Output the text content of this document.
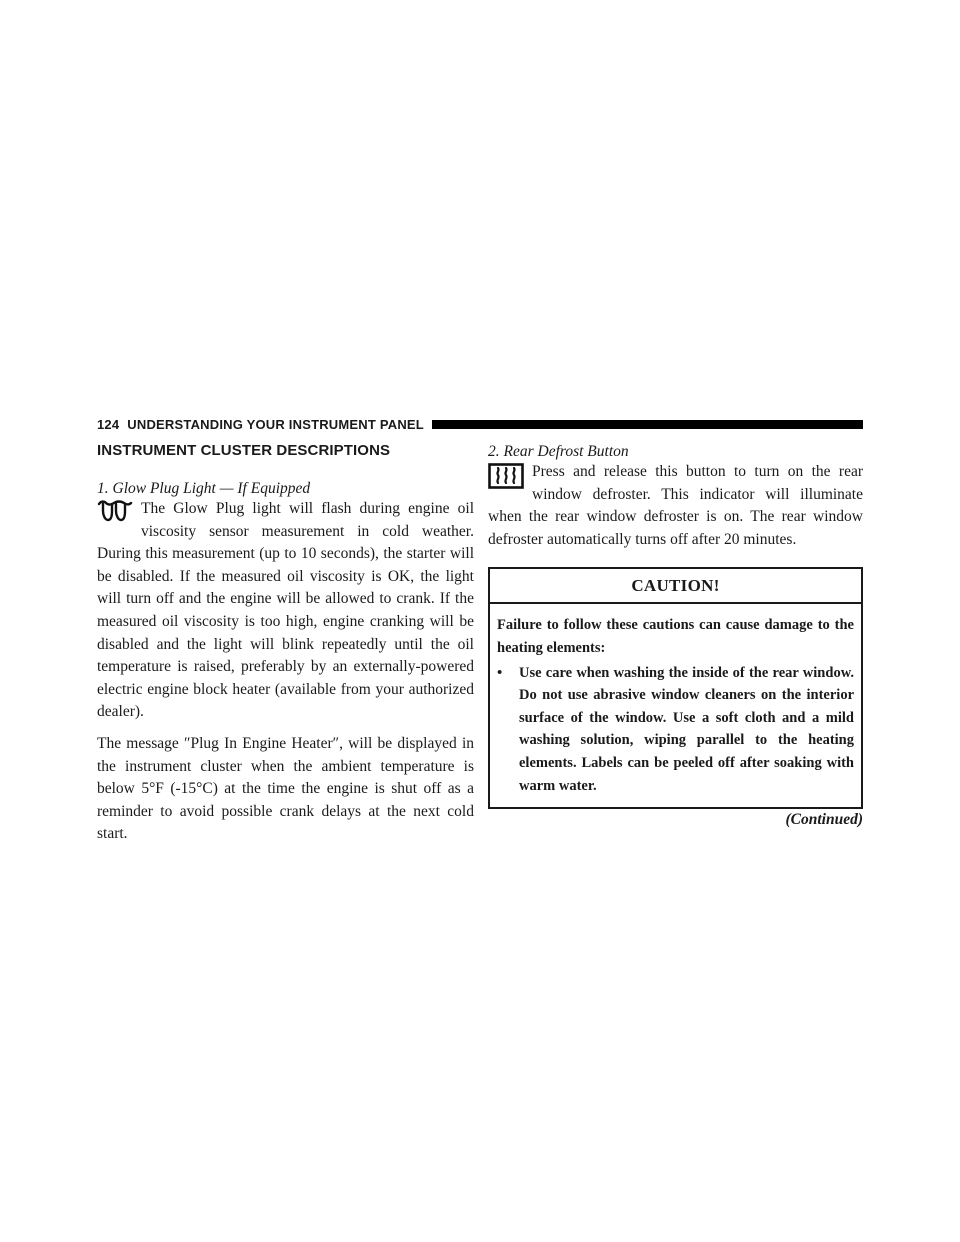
124 UNDERSTANDING YOUR INSTRUMENT PANEL
INSTRUMENT CLUSTER DESCRIPTIONS
1. Glow Plug Light — If Equipped

The Glow Plug light will flash during engine oil viscosity sensor measurement in cold weather. During this measurement (up to 10 seconds), the starter will be disabled. If the measured oil viscosity is OK, the light will turn off and the engine will be allowed to crank. If the measured oil viscosity is too high, engine cranking will be disabled and the light will blink repeatedly until the oil temperature is raised, preferably by an externally-powered electric engine block heater (available from your authorized dealer).

The message ″Plug In Engine Heater″, will be displayed in the instrument cluster when the ambient temperature is below 5°F (-15°C) at the time the engine is shut off as a reminder to avoid possible crank delays at the next cold start.

2. Rear Defrost Button

Press and release this button to turn on the rear window defroster. This indicator will illuminate when the rear window defroster is on. The rear window defroster automatically turns off after 20 minutes.

CAUTION!

Failure to follow these cautions can cause damage to the heating elements:

•	Use care when washing the inside of the rear window. Do not use abrasive window cleaners on the interior surface of the window. Use a soft cloth and a mild washing solution, wiping parallel to the heating elements. Labels can be peeled off after soaking with warm water.

(Continued)
